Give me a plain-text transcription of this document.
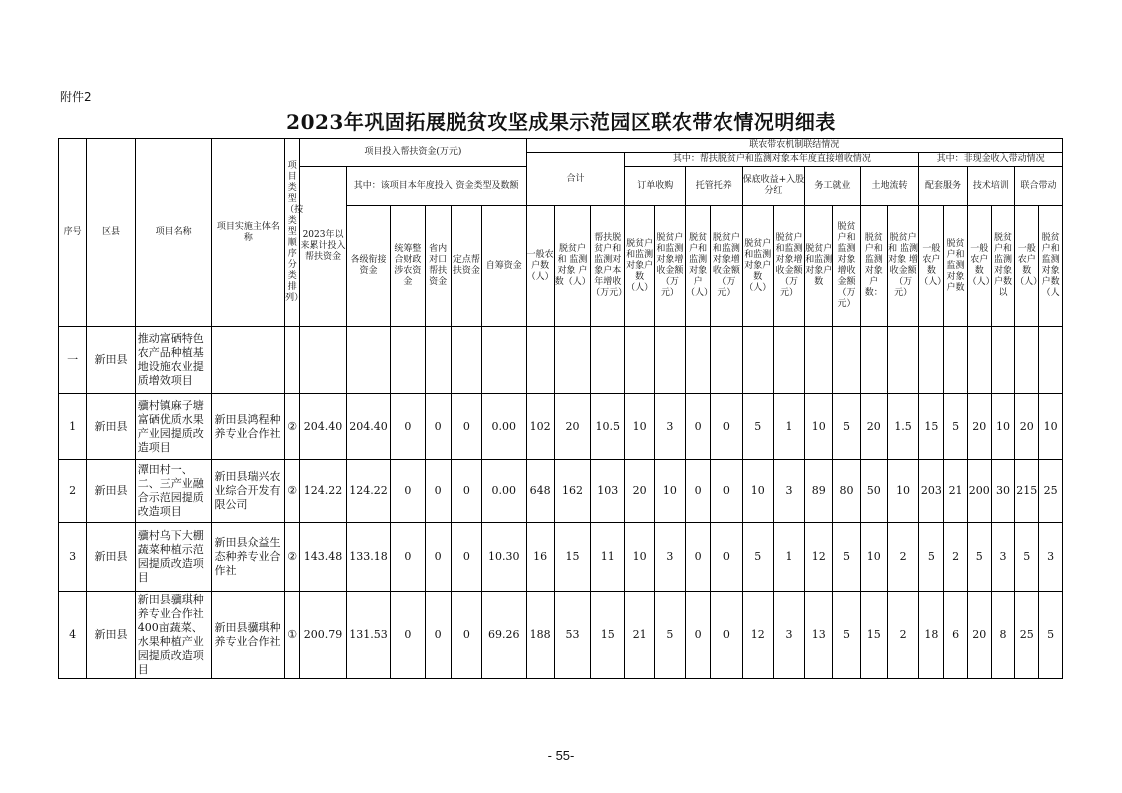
附件2
2023年巩固拓展脱贫攻坚成果示范园区联农带农情况明细表
序号	区县	项目名称	项目实施主体名称	项目类型（按类型顺序分类排列）	项目投入帮扶资金(万元)						联农带农机制联结情况																		
											合计			其中：帮扶脱贫户和监测对象本年度直接增收情况										其中：非现金收入带动情况					
					2023年以来累计投入帮扶资金	其中：该项目本年度投入 资金类型及数额								订单收购		托管托养		保底收益+入股分红		务工就业		土地流转		配套服务		技术培训		联合带动	
						各级衔接资金	统筹整合财政涉农资金	省内对口帮扶资金	定点帮扶资金	自筹资金	一般农户数（人）	脱贫户和 监测对象 户数（人）	帮扶脱贫户和监测对象户本年增收（万元）	脱贫户和监测对象户数（人）	脱贫户和监测对象增收金额（万元）	脱贫户和监测对象户（人）	脱贫户和监测对象增收金额（万元）	脱贫户和监测对象户数（人）	脱贫户和监测对象增收金额（万元）	脱贫户和监测对象户数	脱贫户和监测对象增收金额（万元）	脱贫户和监测对象户数：	脱贫户和 监测对象 增收金额（万元）	一般农户数（人）	脱贫户和监测对象户数	一般农户数（人）	脱贫户和监测对象户数以	一般农户数（人）	脱贫户和监测对象户数（人
一	新田县	推动富硒特色农产品种植基地设施农业提质增效项目																											
1	新田县	骥村镇麻子塘富硒优质水果产业园提质改造项目	新田县鸿程种养专业合作社	②	204.40	204.40	0	0	0	0.00	102	20	10.5	10	3	0	0	5	1	10	5	20	1.5	15	5	20	10	20	10
2	新田县	潭田村一、二、三产业融合示范园提质改造项目	新田县瑞兴农业综合开发有限公司	②	124.22	124.22	0	0	0	0.00	648	162	103	20	10	0	0	10	3	89	80	50	10	203	21	200	30	215	25
3	新田县	骥村乌下大棚蔬菜种植示范园提质改造项目	新田县众益生态种养专业合作社	②	143.48	133.18	0	0	0	10.30	16	15	11	10	3	0	0	5	1	12	5	10	2	5	2	5	3	5	3
4	新田县	新田县骥琪种养专业合作社400亩蔬菜、水果种植产业园提质改造项目	新田县骥琪种养专业合作社	①	200.79	131.53	0	0	0	69.26	188	53	15	21	5	0	0	12	3	13	5	15	2	18	6	20	8	25	5
- 55-
